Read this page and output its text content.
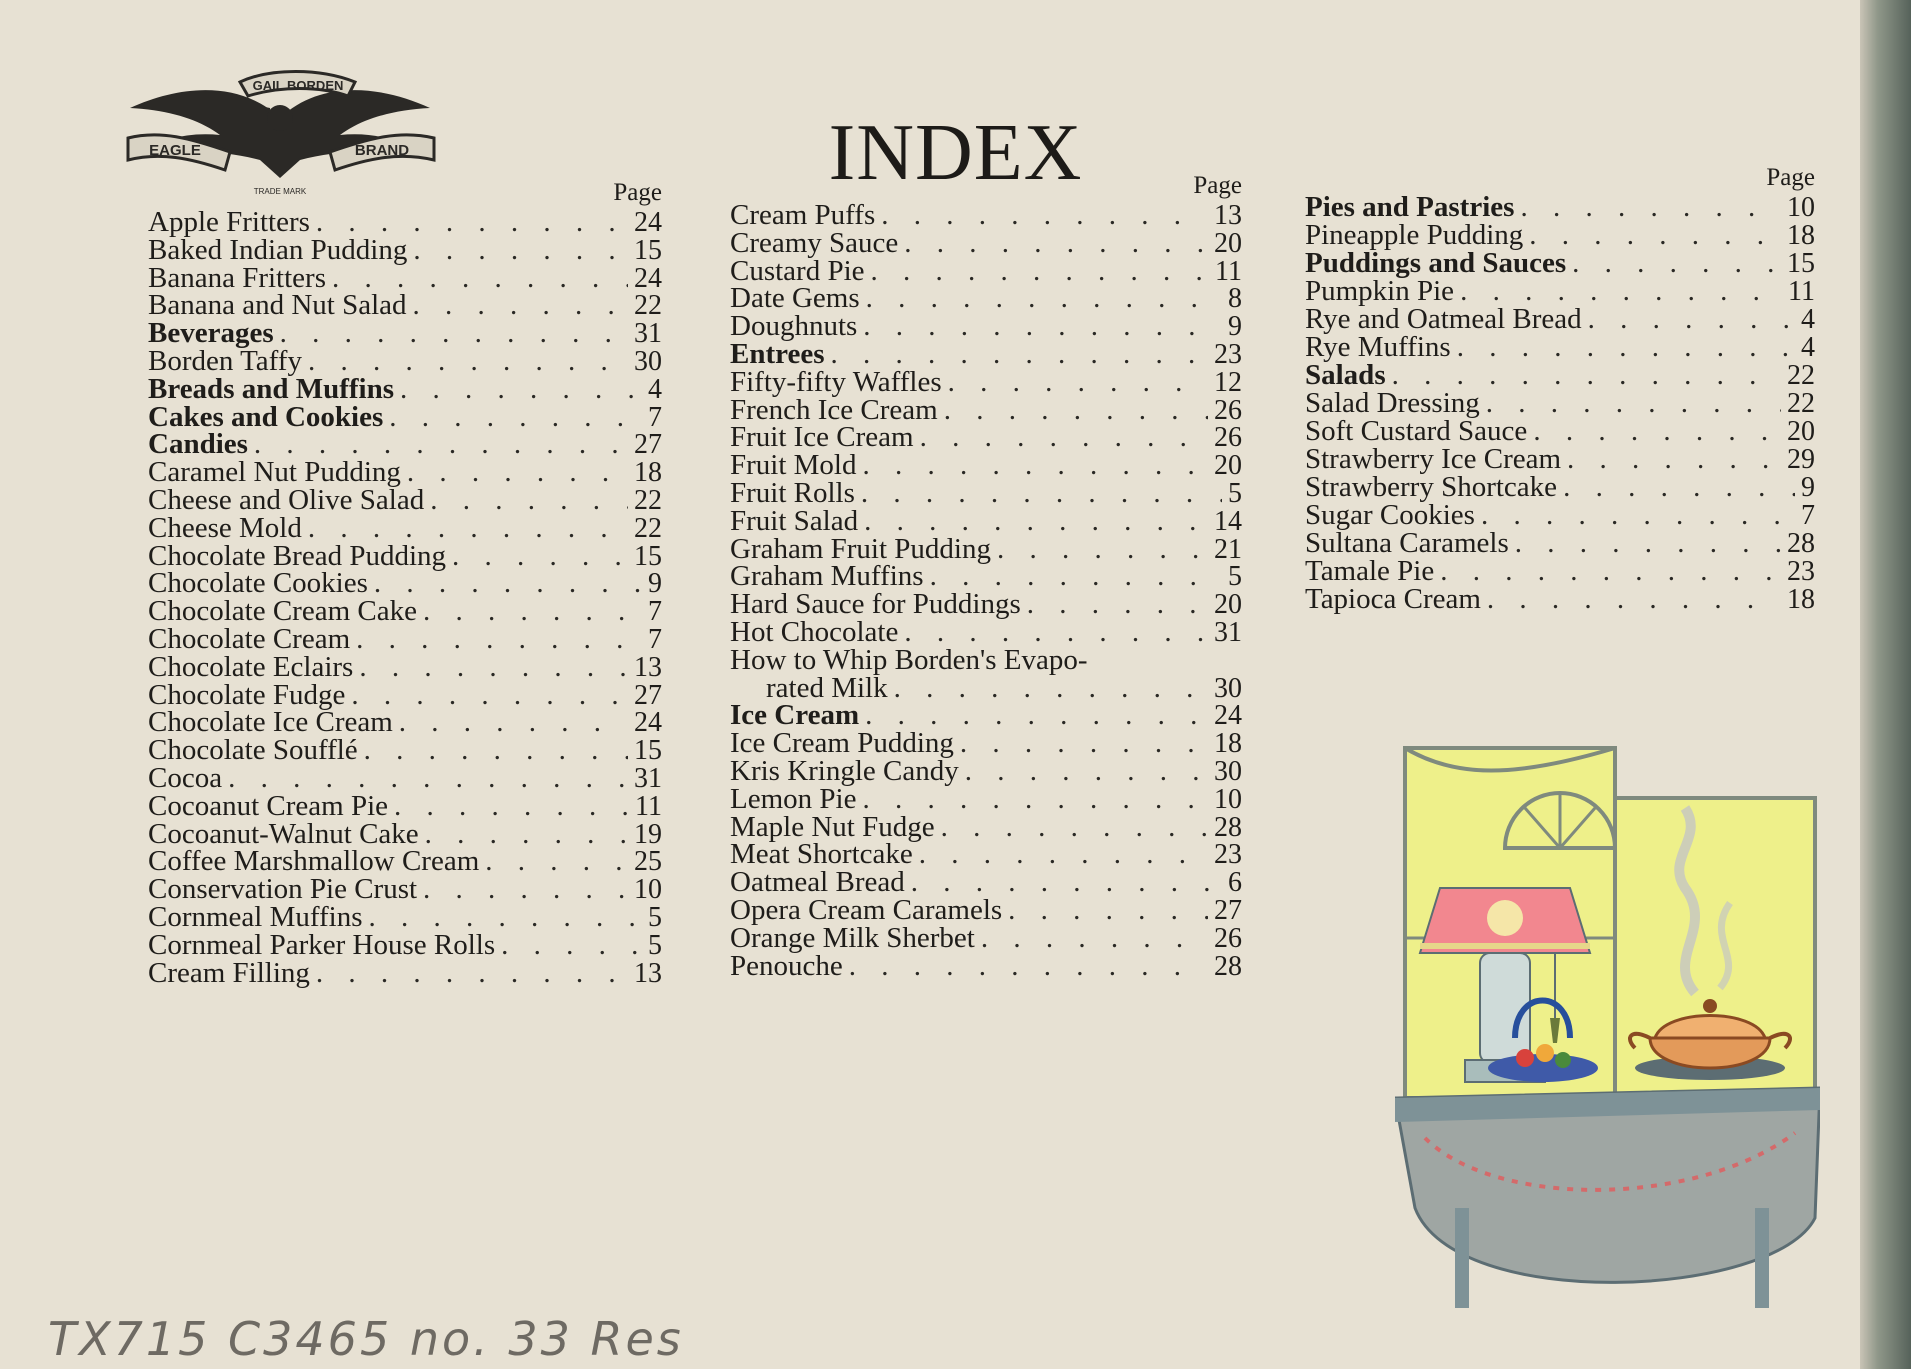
GAIL BORDEN
EAGLE	BRAND
TRADE MARK	INDEX
Page
Apple Fritters . . .	24
Baked Indian Pudding . . .	15
Banana Fritters . . .	24
Banana and Nut Salad . . .	22
Beverages . . .	31
Borden Taffy . . .	30
Breads and Muffins . . .	4
Cakes and Cookies . . .	7
Candies . . .	27
Caramel Nut Pudding . . .	18
Cheese and Olive Salad . . .	22
Cheese Mold . . .	22
Chocolate Bread Pudding . . .	15
Chocolate Cookies . . .	9
Chocolate Cream Cake . . .	7
Chocolate Cream . . .	7
Chocolate Eclairs . . .	13
Chocolate Fudge . . .	27
Chocolate Ice Cream . . .	24
Chocolate Soufflé . . .	15
Cocoa . . .	31
Cocoanut Cream Pie . . .	11
Cocoanut-Walnut Cake . . .	19
Coffee Marshmallow Cream . . .	25
Conservation Pie Crust . . .	10
Cornmeal Muffins . . .	5
Cornmeal Parker House Rolls . . .	5
Cream Filling . . .	13
Page
Cream Puffs . . .	13
Creamy Sauce . . .	20
Custard Pie . . .	11
Date Gems . . .	8
Doughnuts . . .	9
Entrees . . .	23
Fifty-fifty Waffles . . .	12
French Ice Cream . . .	26
Fruit Ice Cream . . .	26
Fruit Mold . . .	20
Fruit Rolls . . .	5
Fruit Salad . . .	14
Graham Fruit Pudding . . .	21
Graham Muffins . . .	5
Hard Sauce for Puddings . . .	20
Hot Chocolate . . .	31
How to Whip Borden's Evapo-
rated Milk . . .	30
Ice Cream . . .	24
Ice Cream Pudding . . .	18
Kris Kringle Candy . . .	30
Lemon Pie . . .	10
Maple Nut Fudge . . .	28
Meat Shortcake . . .	23
Oatmeal Bread . . .	6
Opera Cream Caramels . . .	27
Orange Milk Sherbet . . .	26
Penouche . . .	28
Page
Pies and Pastries . . .	10
Pineapple Pudding . . .	18
Puddings and Sauces . . .	15
Pumpkin Pie . . .	11
Rye and Oatmeal Bread . . .	4
Rye Muffins . . .	4
Salads . . .	22
Salad Dressing . . .	22
Soft Custard Sauce . . .	20
Strawberry Ice Cream . . .	29
Strawberry Shortcake . . .	9
Sugar Cookies . . .	7
Sultana Caramels . . .	28
Tamale Pie . . .	23
Tapioca Cream . . .	18
TX715 C3465 no. 33 Res
